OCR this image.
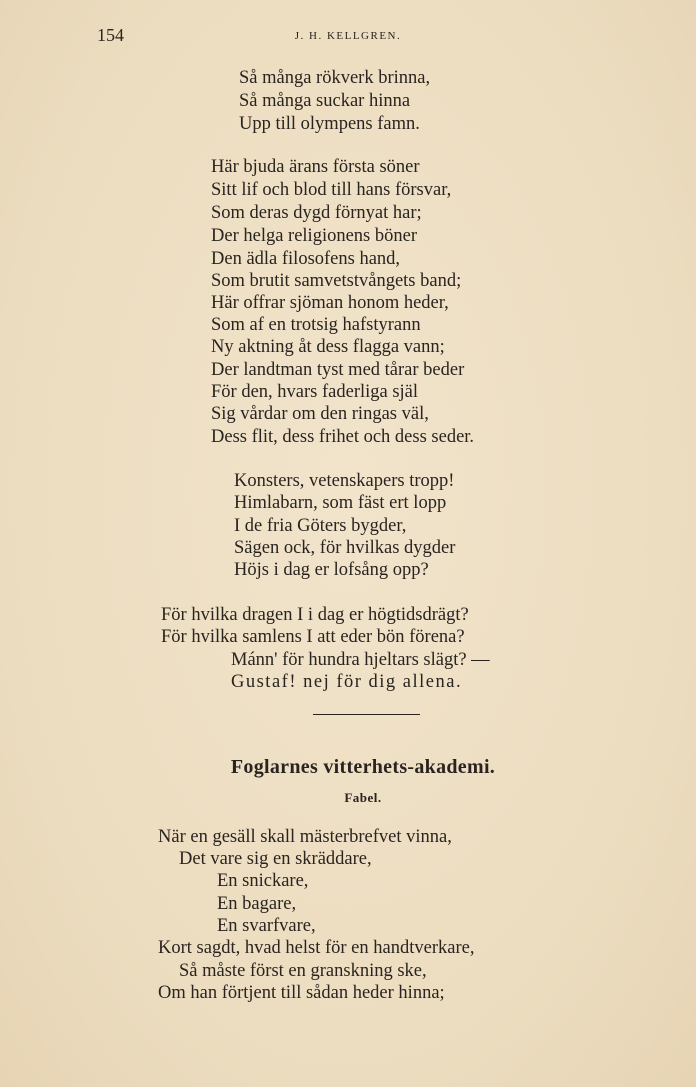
154	J. H. KELLGREN.
Så många rökverk brinna,
Så många suckar hinna
Upp till olympens famn.
Här bjuda ärans första söner
Sitt lif och blod till hans försvar,
Som deras dygd förnyat har;
Der helga religionens böner
Den ädla filosofens hand,
Som brutit samvetstvångets band;
Här offrar sjöman honom heder,
Som af en trotsig hafstyrann
Ny aktning åt dess flagga vann;
Der landtman tyst med tårar beder
För den, hvars faderliga själ
Sig vårdar om den ringas väl,
Dess flit, dess frihet och dess seder.
Konsters, vetenskapers tropp!
Himlabarn, som fäst ert lopp
I de fria Göters bygder,
Sägen ock, för hvilkas dygder
Höjs i dag er lofsång opp?
För hvilka dragen I i dag er högtidsdrägt?
För hvilka samlens I att eder bön förena?
Mánn' för hundra hjeltars slägt? —
Gustaf! nej för dig allena.
Foglarnes vitterhets-akademi.
Fabel.
När en gesäll skall mästerbrefvet vinna,
Det vare sig en skräddare,
En snickare,
En bagare,
En svarfvare,
Kort sagdt, hvad helst för en handtverkare,
Så måste först en granskning ske,
Om han förtjent till sådan heder hinna;
